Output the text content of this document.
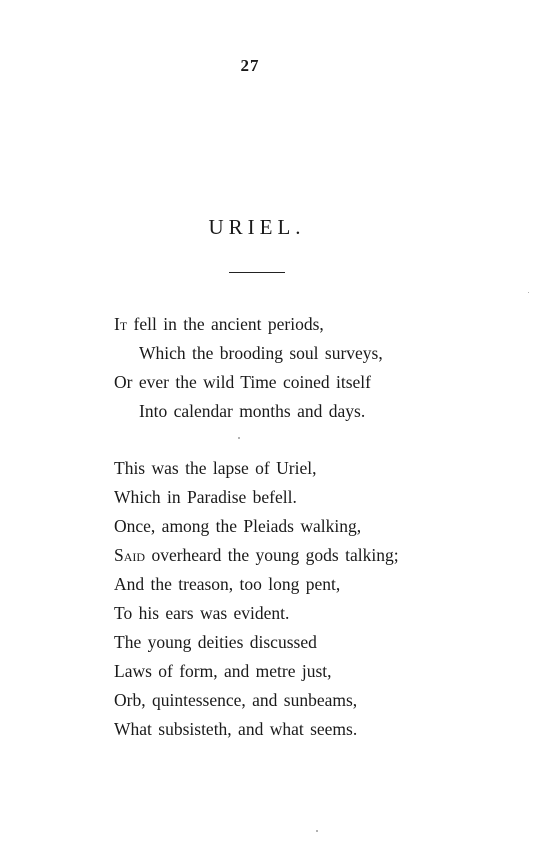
27
URIEL.
It fell in the ancient periods,
Which the brooding soul surveys,
Or ever the wild Time coined itself
Into calendar months and days.
This was the lapse of Uriel,
Which in Paradise befell.
Once, among the Pleiads walking,
Said overheard the young gods talking;
And the treason, too long pent,
To his ears was evident.
The young deities discussed
Laws of form, and metre just,
Orb, quintessence, and sunbeams,
What subsisteth, and what seems.
